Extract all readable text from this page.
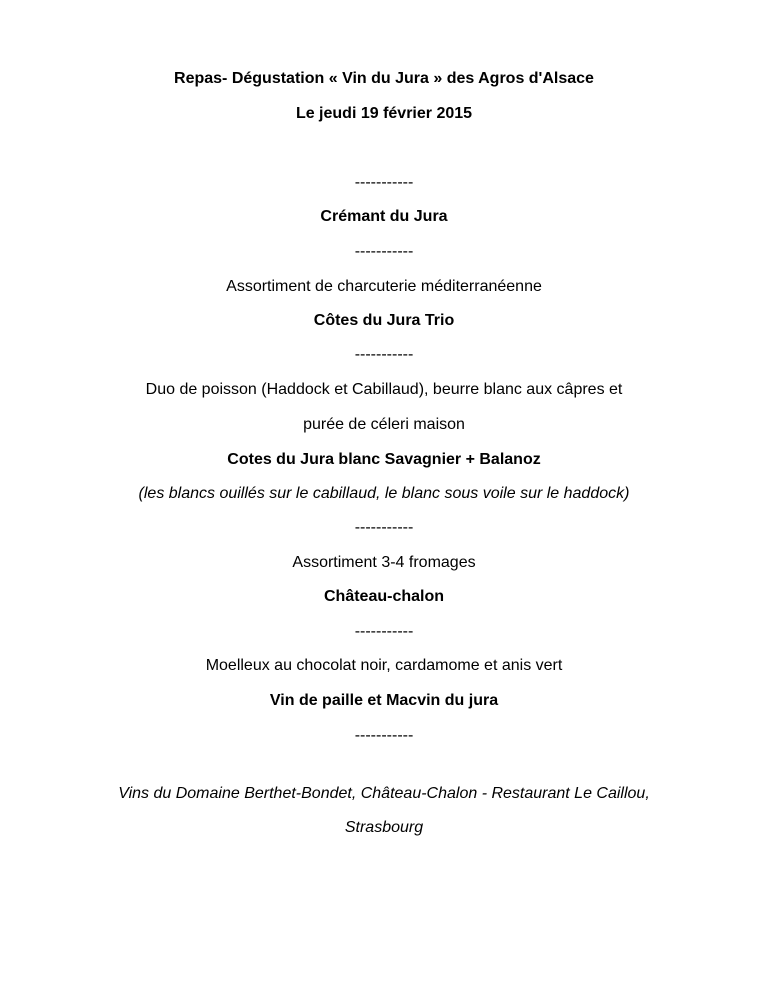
Repas- Dégustation « Vin du Jura » des Agros d'Alsace
Le jeudi 19 février 2015
-----------
Crémant du Jura
-----------
Assortiment de charcuterie méditerranéenne
Côtes du Jura Trio
-----------
Duo de poisson (Haddock et Cabillaud), beurre blanc aux câpres et
purée de céleri maison
Cotes du Jura blanc Savagnier + Balanoz
(les blancs ouillés sur le cabillaud, le blanc sous voile sur le haddock)
-----------
Assortiment 3-4 fromages
Château-chalon
-----------
Moelleux au chocolat noir, cardamome et anis vert
Vin de paille et Macvin du jura
-----------
Vins du Domaine Berthet-Bondet, Château-Chalon - Restaurant Le Caillou,
Strasbourg
